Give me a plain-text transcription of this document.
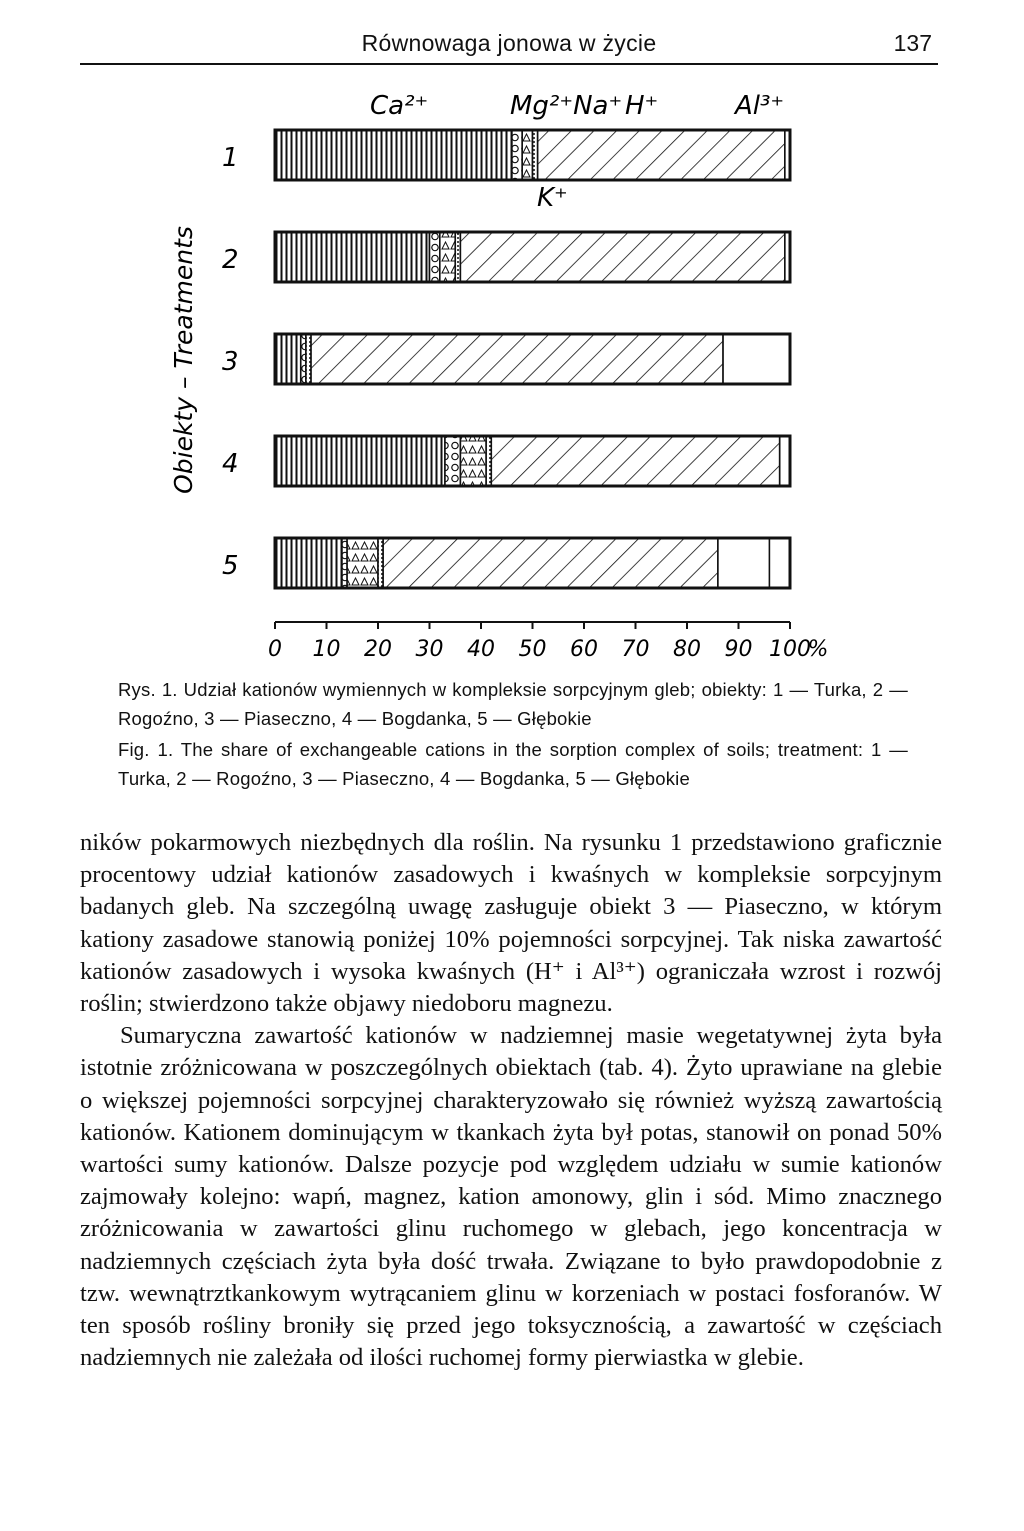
Równowaga jonowa w życie	137
Ca²⁺	Mg²⁺Na⁺ H⁺	Al³⁺
K⁺
Obiekty – Treatments
1
2
3
4
5
0 10 20 30 40 50 60 70 80 90 100
%
Rys. 1. Udział kationów wymiennych w kompleksie sorpcyjnym gleb; obiekty: 1 — Turka, 2 — Rogoźno, 3 — Piaseczno, 4 — Bogdanka, 5 — Głębokie
Fig. 1. The share of exchangeable cations in the sorption complex of soils; treatment: 1 — Turka, 2 — Rogoźno, 3 — Piaseczno, 4 — Bogdanka, 5 — Głębokie

ników pokarmowych niezbędnych dla roślin. Na rysunku 1 przedstawiono graficznie procentowy udział kationów zasadowych i kwaśnych w kompleksie sorpcyjnym badanych gleb. Na szczególną uwagę zasługuje obiekt 3 — Piaseczno, w którym kationy zasadowe stanowią poniżej 10% pojemności sorpcyjnej. Tak niska zawartość kationów zasadowych i wysoka kwaśnych (H⁺ i Al³⁺) ograniczała wzrost i rozwój roślin; stwierdzono także objawy niedoboru magnezu.

Sumaryczna zawartość kationów w nadziemnej masie wegetatywnej żyta była istotnie zróżnicowana w poszczególnych obiektach (tab. 4). Żyto uprawiane na glebie o większej pojemności sorpcyjnej charakteryzowało się również wyższą zawartością kationów. Kationem dominującym w tkankach żyta był potas, stanowił on ponad 50% wartości sumy kationów. Dalsze pozycje pod względem udziału w sumie kationów zajmowały kolejno: wapń, magnez, kation amonowy, glin i sód. Mimo znacznego zróżnicowania w zawartości glinu ruchomego w glebach, jego koncentracja w nadziemnych częściach żyta była dość trwała. Związane to było prawdopodobnie z tzw. wewnątrztkankowym wytrącaniem glinu w korzeniach w postaci fosforanów. W ten sposób rośliny broniły się przed jego toksycznością, a zawartość w częściach nadziemnych nie zależała od ilości ruchomej formy pierwiastka w glebie.
